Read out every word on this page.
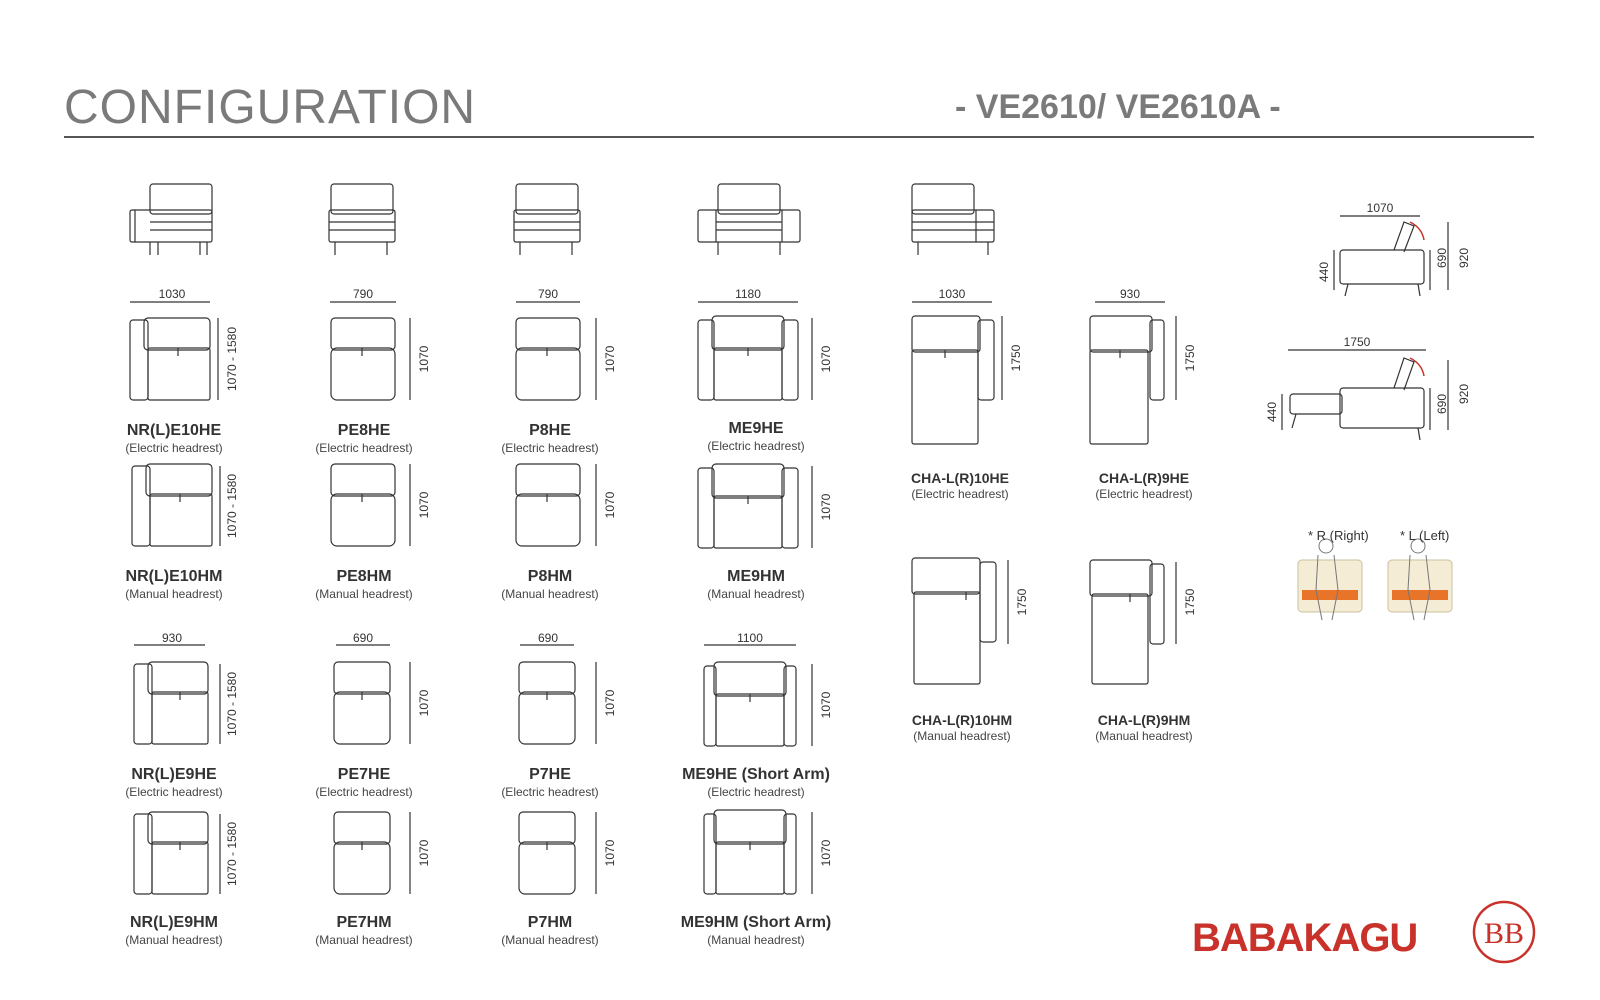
CONFIGURATION	- VE2610/ VE2610A -
BB
1030
930
790
690
790
690
1180
1100
1030	930
1070
1750
1070 - 1580
1070 - 1580
1070 - 1580
1070 - 1580
1070
1070
1070
1070
1070
1070
1070
1070
1070
1070
1070
1070
1750	1750
1750	1750
440
690 920
440	690 920
NR(L)E10HE
(Electric headrest)
NR(L)E10HM
(Manual headrest)
NR(L)E9HE
(Electric headrest)
NR(L)E9HM
(Manual headrest)
PE8HE
(Electric headrest)
PE8HM
(Manual headrest)
PE7HE
(Electric headrest)
PE7HM
(Manual headrest)
P8HE
(Electric headrest)
P8HM
(Manual headrest)
P7HE
(Electric headrest)
P7HM
(Manual headrest)
ME9HE
(Electric headrest)
ME9HM
(Manual headrest)
ME9HE (Short Arm)
(Electric headrest)
ME9HM (Short Arm)
(Manual headrest)
CHA-L(R)10HE
(Electric headrest)
CHA-L(R)9HE
(Electric headrest)
CHA-L(R)10HM
(Manual headrest)
CHA-L(R)9HM
(Manual headrest)
* R (Right) * L (Left)
BABAKAGU
